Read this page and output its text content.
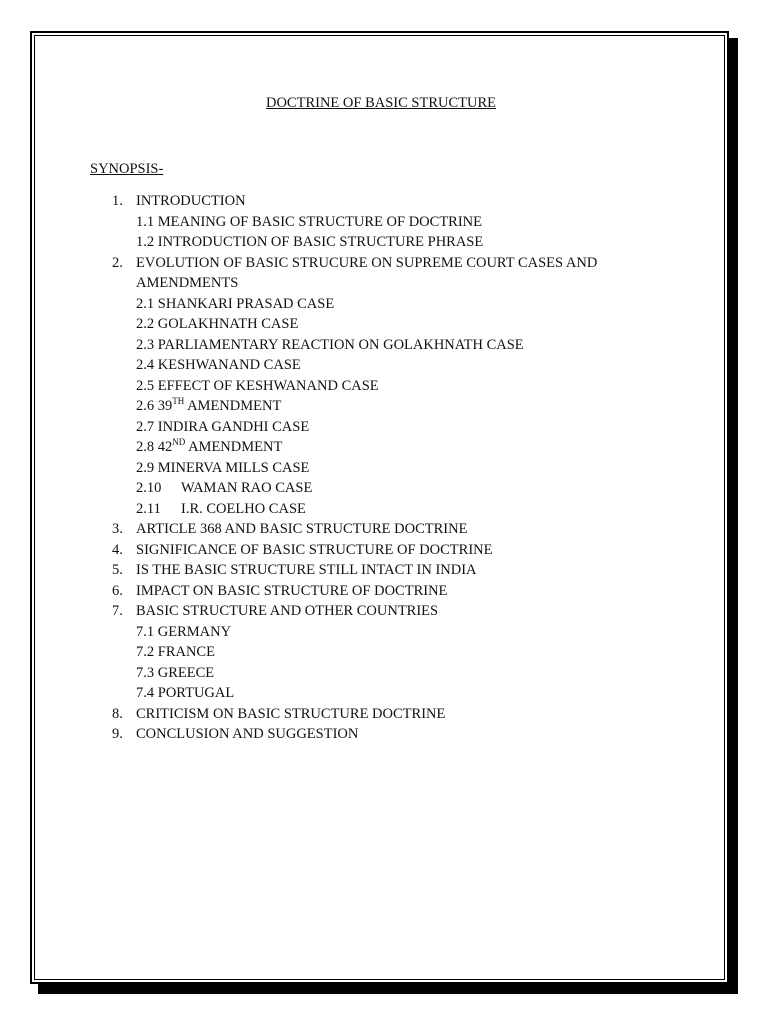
DOCTRINE OF BASIC STRUCTURE
SYNOPSIS-
1. INTRODUCTION
1.1 MEANING OF BASIC STRUCTURE OF DOCTRINE
1.2 INTRODUCTION OF BASIC STRUCTURE PHRASE
2. EVOLUTION OF BASIC STRUCURE ON SUPREME COURT CASES AND
AMENDMENTS
2.1 SHANKARI PRASAD CASE
2.2 GOLAKHNATH CASE
2.3 PARLIAMENTARY REACTION ON GOLAKHNATH CASE
2.4 KESHWANAND CASE
2.5 EFFECT OF KESHWANAND CASE
2.6 39TH AMENDMENT
2.7 INDIRA GANDHI CASE
2.8 42ND AMENDMENT
2.9 MINERVA MILLS CASE
2.10 WAMAN RAO CASE
2.11 I.R. COELHO CASE
3. ARTICLE 368 AND BASIC STRUCTURE DOCTRINE
4. SIGNIFICANCE OF BASIC STRUCTURE OF DOCTRINE
5. IS THE BASIC STRUCTURE STILL INTACT IN INDIA
6. IMPACT ON BASIC STRUCTURE OF DOCTRINE
7. BASIC STRUCTURE AND OTHER COUNTRIES
7.1 GERMANY
7.2 FRANCE
7.3 GREECE
7.4 PORTUGAL
8. CRITICISM ON BASIC STRUCTURE DOCTRINE
9. CONCLUSION AND SUGGESTION
